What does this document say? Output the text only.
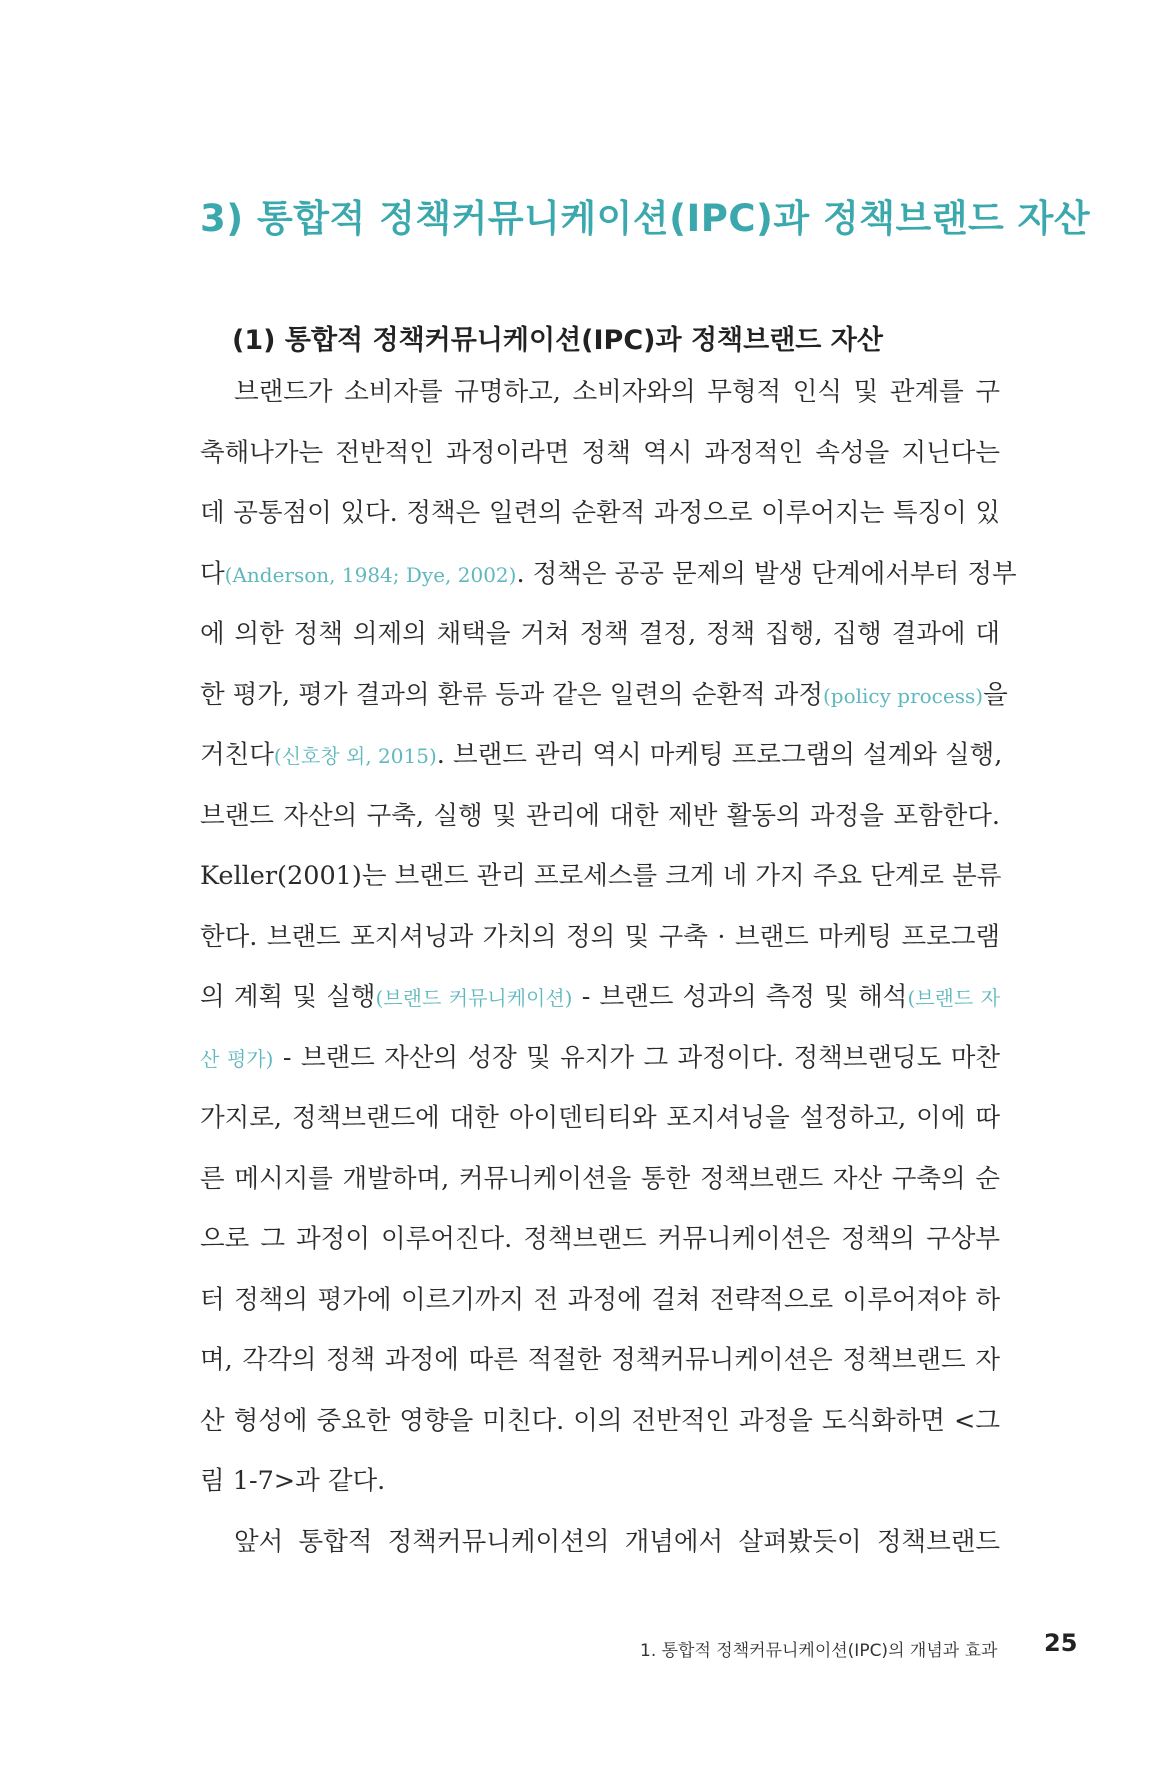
3) 통합적 정책커뮤니케이션(IPC)과 정책브랜드 자산
(1) 통합적 정책커뮤니케이션(IPC)과 정책브랜드 자산
브랜드가 소비자를 규명하고, 소비자와의 무형적 인식 및 관계를 구
축해나가는 전반적인 과정이라면 정책 역시 과정적인 속성을 지닌다는
데 공통점이 있다. 정책은 일련의 순환적 과정으로 이루어지는 특징이 있
다(Anderson, 1984; Dye, 2002). 정책은 공공 문제의 발생 단계에서부터 정부
에 의한 정책 의제의 채택을 거쳐 정책 결정, 정책 집행, 집행 결과에 대
한 평가, 평가 결과의 환류 등과 같은 일련의 순환적 과정(policy process)을
거친다(신호창 외, 2015). 브랜드 관리 역시 마케팅 프로그램의 설계와 실행,
브랜드 자산의 구축, 실행 및 관리에 대한 제반 활동의 과정을 포함한다.
Keller(2001)는 브랜드 관리 프로세스를 크게 네 가지 주요 단계로 분류
한다. 브랜드 포지셔닝과 가치의 정의 및 구축 · 브랜드 마케팅 프로그램
의 계획 및 실행(브랜드 커뮤니케이션) - 브랜드 성과의 측정 및 해석(브랜드 자
산 평가) - 브랜드 자산의 성장 및 유지가 그 과정이다. 정책브랜딩도 마찬
가지로, 정책브랜드에 대한 아이덴티티와 포지셔닝을 설정하고, 이에 따
른 메시지를 개발하며, 커뮤니케이션을 통한 정책브랜드 자산 구축의 순
으로 그 과정이 이루어진다. 정책브랜드 커뮤니케이션은 정책의 구상부
터 정책의 평가에 이르기까지 전 과정에 걸쳐 전략적으로 이루어져야 하
며, 각각의 정책 과정에 따른 적절한 정책커뮤니케이션은 정책브랜드 자
산 형성에 중요한 영향을 미친다. 이의 전반적인 과정을 도식화하면 <그
림 1-7>과 같다.
앞서 통합적 정책커뮤니케이션의 개념에서 살펴봤듯이 정책브랜드
1. 통합적 정책커뮤니케이션(IPC)의 개념과 효과 25
